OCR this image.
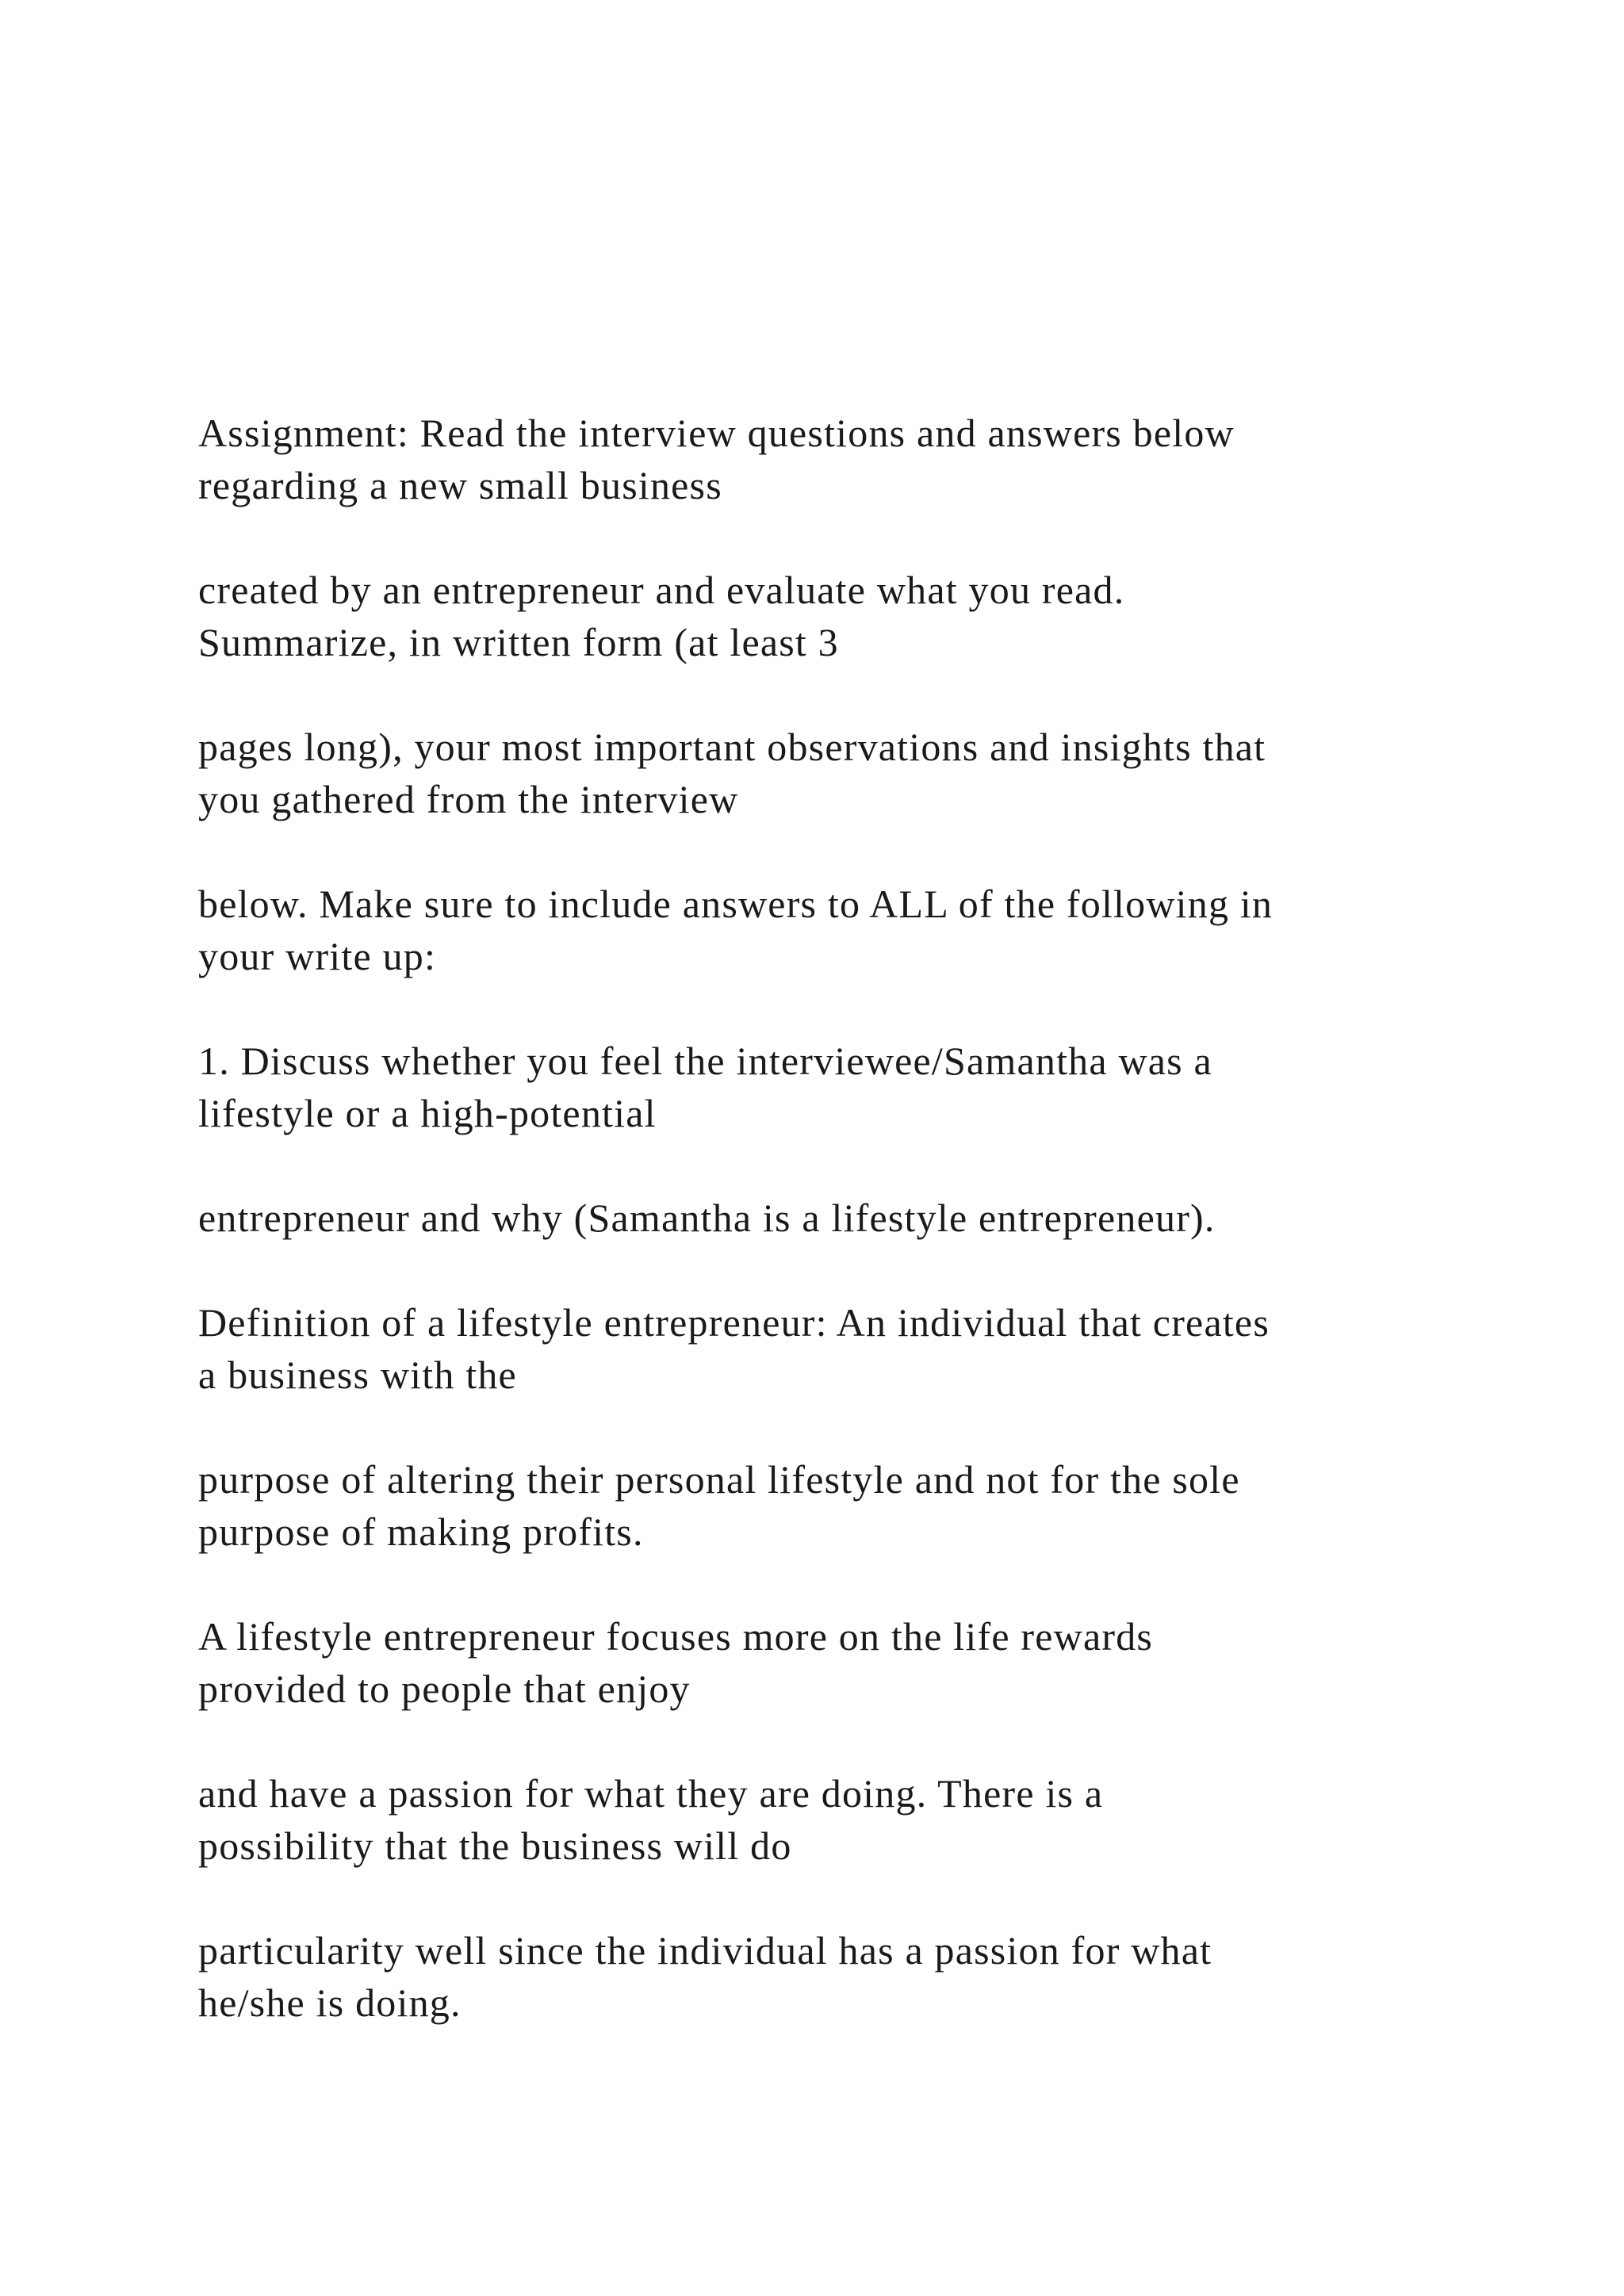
Assignment: Read the interview questions and answers below
regarding a new small business

created by an entrepreneur and evaluate what you read.
Summarize, in written form (at least 3

pages long), your most important observations and insights that
you gathered from the interview

below. Make sure to include answers to ALL of the following in
your write up:

1. Discuss whether you feel the interviewee/Samantha was a
lifestyle or a high-potential

entrepreneur and why (Samantha is a lifestyle entrepreneur).

Definition of a lifestyle entrepreneur: An individual that creates
a business with the

purpose of altering their personal lifestyle and not for the sole
purpose of making profits.

A lifestyle entrepreneur focuses more on the life rewards
provided to people that enjoy

and have a passion for what they are doing. There is a
possibility that the business will do

particularity well since the individual has a passion for what
he/she is doing.
